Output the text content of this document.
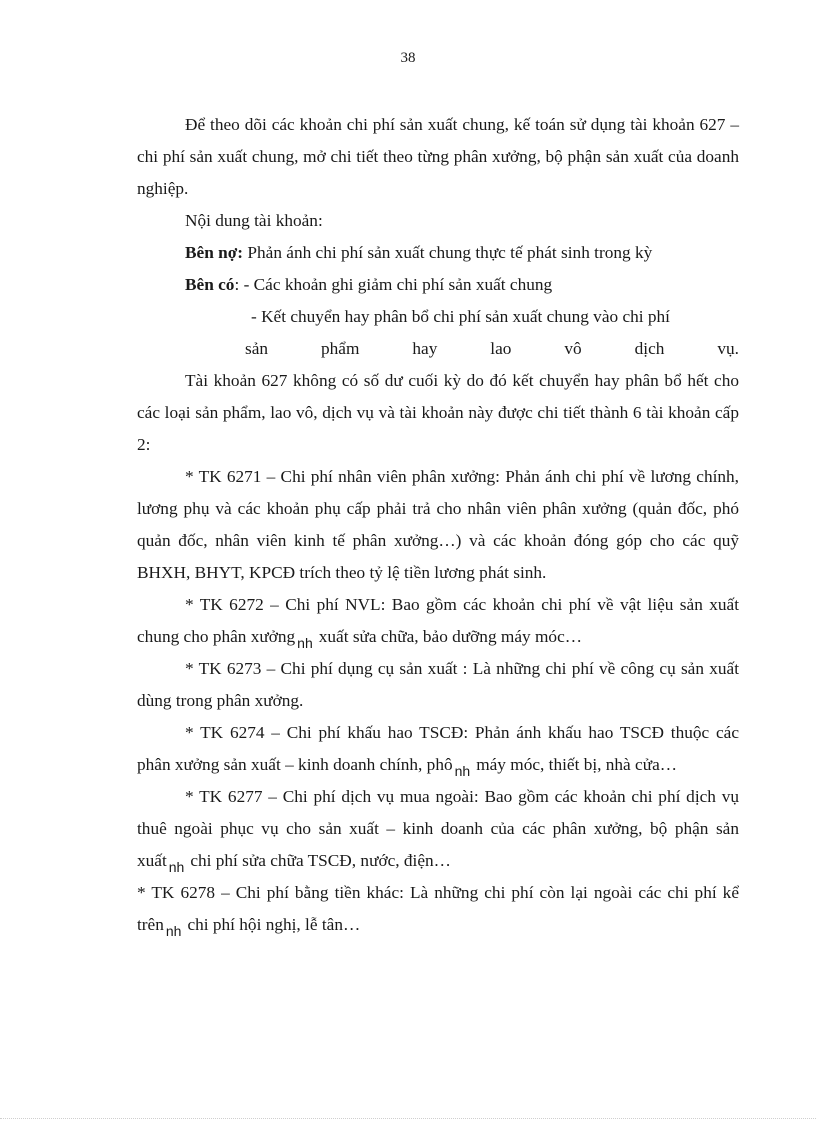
38

Để theo dõi các khoản chi phí sản xuất chung, kế toán sử dụng tài khoản 627 – chi phí sản xuất chung, mở chi tiết theo từng phân xưởng, bộ phận sản xuất của doanh nghiệp.

Nội dung tài khoản:

Bên nợ: Phản ánh chi phí sản xuất chung thực tế phát sinh trong kỳ

Bên có: - Các khoản ghi giảm chi phí sản xuất chung

- Kết chuyển hay phân bổ chi phí sản xuất chung vào chi phí

sản phẩm hay lao vô dịch vụ.

Tài khoản 627 không có số dư cuối kỳ do đó kết chuyển hay phân bổ hết cho các loại sản phẩm, lao vô, dịch vụ và tài khoản này được chi tiết thành 6 tài khoản cấp 2:

* TK 6271 – Chi phí nhân viên phân xưởng: Phản ánh chi phí về lương chính, lương phụ và các khoản phụ cấp phải trả cho nhân viên phân xưởng (quản đốc, phó quản đốc, nhân viên kinh tế phân xưởng…) và các khoản đóng góp cho các quỹ BHXH, BHYT, KPCĐ trích theo tỷ lệ tiền lương phát sinh.

* TK 6272 – Chi phí NVL: Bao gồm các khoản chi phí về vật liệu sản xuất chung cho phân xưởng $_{nh}$ xuất sửa chữa, bảo dưỡng máy móc…

* TK 6273 – Chi phí dụng cụ sản xuất : Là những chi phí về công cụ sản xuất dùng trong phân xưởng.

* TK 6274 – Chi phí khấu hao TSCĐ: Phản ánh khấu hao TSCĐ thuộc các phân xưởng sản xuất – kinh doanh chính, phô $_{nh}$ máy móc, thiết bị, nhà cửa…

* TK 6277 – Chi phí dịch vụ mua ngoài: Bao gồm các khoản chi phí dịch vụ thuê ngoài phục vụ cho sản xuất – kinh doanh của các phân xưởng, bộ phận sản xuất $_{nh}$ chi phí sửa chữa TSCĐ, nước, điện…

* TK 6278 – Chi phí bằng tiền khác: Là những chi phí còn lại ngoài các chi phí kể trên $_{nh}$ chi phí hội nghị, lễ tân…
